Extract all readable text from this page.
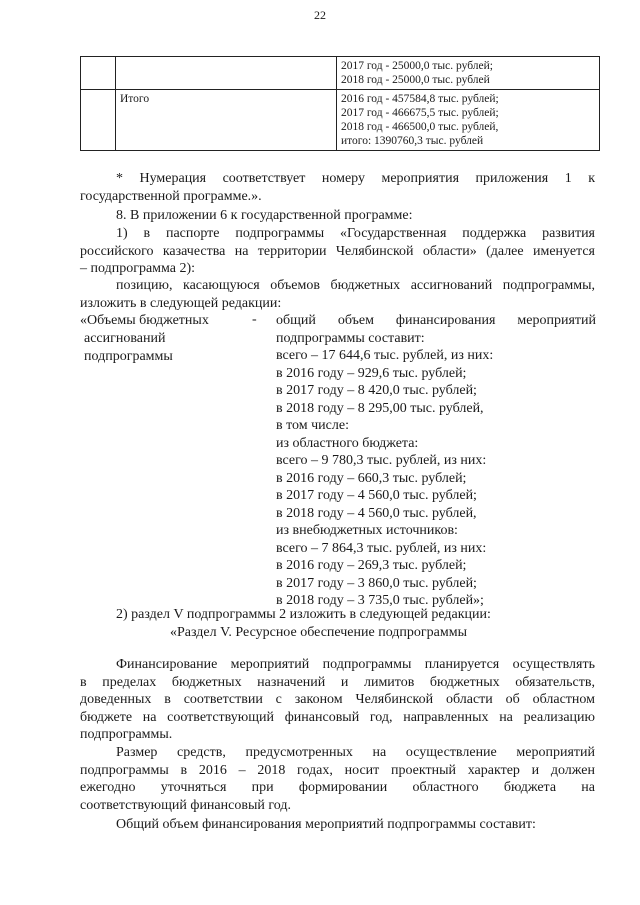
22

		2017 год - 25000,0 тыс. рублей;
2018 год - 25000,0 тыс. рублей

	Итого	2016 год - 457584,8 тыс. рублей;
2017 год - 466675,5 тыс. рублей;
2018 год - 466500,0 тыс. рублей,
итого: 1390760,3 тыс. рублей
* Нумерация соответствует номеру мероприятия приложения 1 к
государственной программе.».
8. В приложении 6 к государственной программе:
1) в паспорте подпрограммы «Государственная поддержка развития
российского казачества на территории Челябинской области» (далее именуется
– подпрограмма 2):
позицию, касающуюся объемов бюджетных ассигнований подпрограммы,
изложить в следующей редакции:
«Объемы бюджетных
ассигнований
подпрограммы
- общий объем финансирования мероприятий
подпрограммы составит:
всего – 17 644,6 тыс. рублей, из них:
в 2016 году – 929,6 тыс. рублей;
в 2017 году – 8 420,0 тыс. рублей;
в 2018 году – 8 295,00 тыс. рублей,
в том числе:
из областного бюджета:
всего – 9 780,3 тыс. рублей, из них:
в 2016 году – 660,3 тыс. рублей;
в 2017 году – 4 560,0 тыс. рублей;
в 2018 году – 4 560,0 тыс. рублей,
из внебюджетных источников:
всего – 7 864,3 тыс. рублей, из них:
в 2016 году – 269,3 тыс. рублей;
в 2017 году – 3 860,0 тыс. рублей;
в 2018 году – 3 735,0 тыс. рублей»;
2) раздел V подпрограммы 2 изложить в следующей редакции:
«Раздел V. Ресурсное обеспечение подпрограммы
Финансирование мероприятий подпрограммы планируется осуществлять
в пределах бюджетных назначений и лимитов бюджетных обязательств,
доведенных в соответствии с законом Челябинской области об областном
бюджете на соответствующий финансовый год, направленных на реализацию
подпрограммы.
Размер средств, предусмотренных на осуществление мероприятий
подпрограммы в 2016 – 2018 годах, носит проектный характер и должен
ежегодно уточняться при формировании областного бюджета на
соответствующий финансовый год.
Общий объем финансирования мероприятий подпрограммы составит:
